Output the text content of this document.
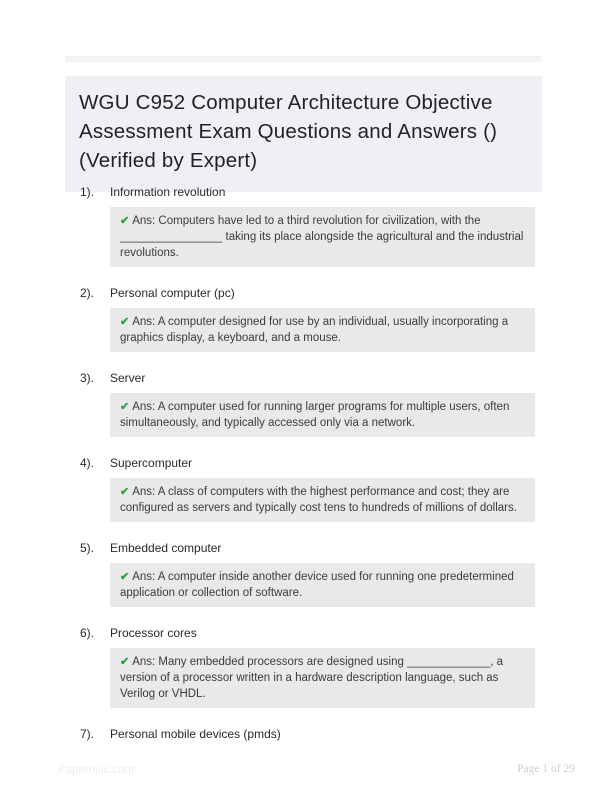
WGU C952 Computer Architecture Objective Assessment Exam Questions and Answers () (Verified by Expert)
1).	Information revolution
✔ Ans: Computers have led to a third revolution for civilization, with the ________________ taking its place alongside the agricultural and the industrial revolutions.
2).	Personal computer (pc)
✔ Ans: A computer designed for use by an individual, usually incorporating a graphics display, a keyboard, and a mouse.
3).	Server
✔ Ans: A computer used for running larger programs for multiple users, often simultaneously, and typically accessed only via a network.
4).	Supercomputer
✔ Ans: A class of computers with the highest performance and cost; they are configured as servers and typically cost tens to hundreds of millions of dollars.
5).	Embedded computer
✔ Ans: A computer inside another device used for running one predetermined application or collection of software.
6).	Processor cores
✔ Ans: Many embedded processors are designed using _____________, a version of a processor written in a hardware description language, such as Verilog or VHDL.
7).	Personal mobile devices (pmds)
Paperhilic.com	Page 1 of 29
